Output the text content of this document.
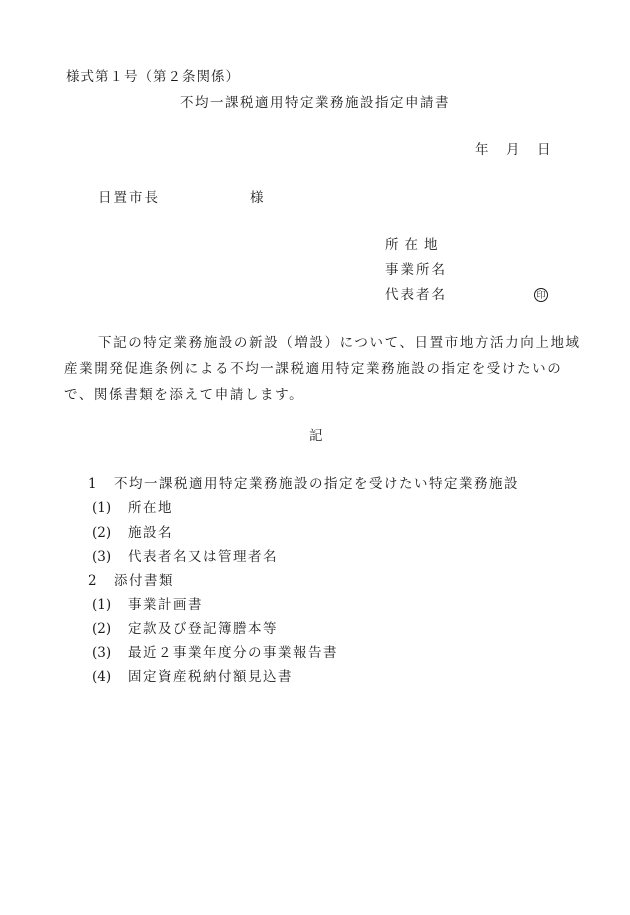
様式第１号（第２条関係）
不均一課税適用特定業務施設指定申請書
年 月 日
日置市長	様
所在地
事業所名
代表者名	印
下記の特定業務施設の新設（増設）について、日置市地方活力向上地域産業開発促進条例による不均一課税適用特定業務施設の指定を受けたいので、関係書類を添えて申請します。
記
1 不均一課税適用特定業務施設の指定を受けたい特定業務施設
(1) 所在地
(2) 施設名
(3) 代表者名又は管理者名
2 添付書類
(1) 事業計画書
(2) 定款及び登記簿謄本等
(3) 最近２事業年度分の事業報告書
(4) 固定資産税納付額見込書
